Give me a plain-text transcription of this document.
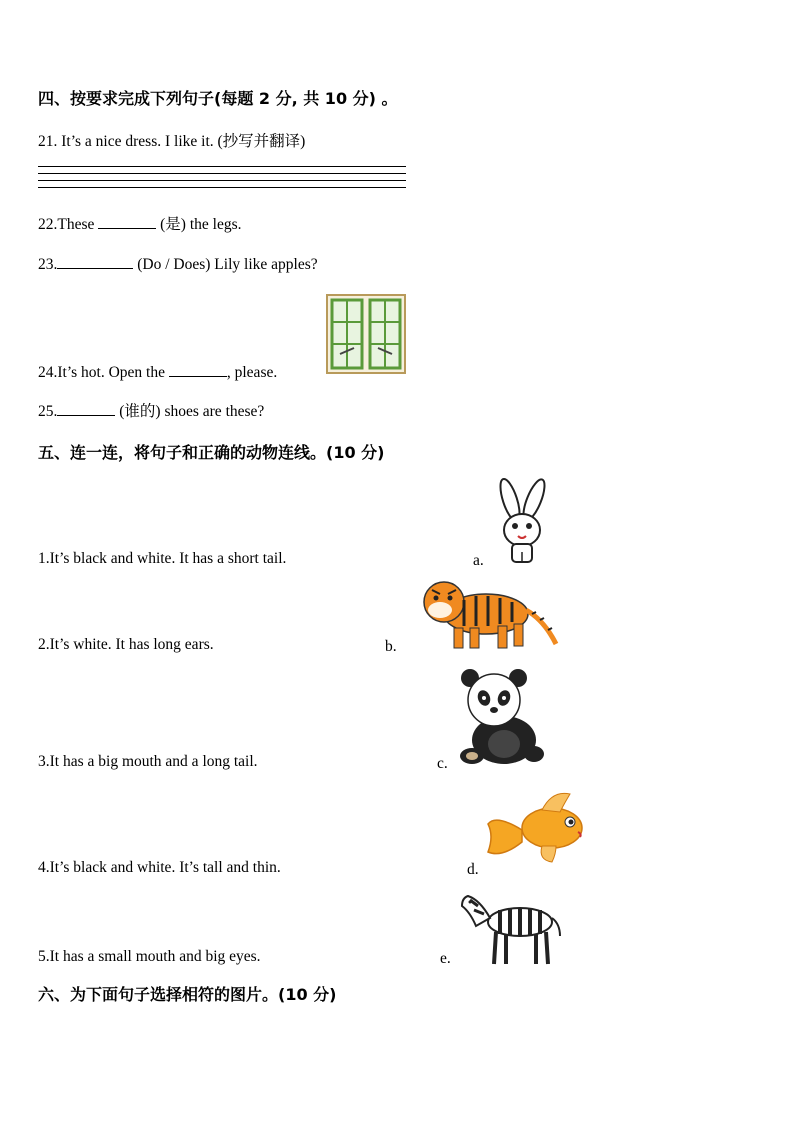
四、按要求完成下列句子(每题 2 分, 共 10 分) 。
21. It’s a nice dress. I like it. (抄写并翻译)
22.These	(是) the legs.
23.	(Do / Does) Lily like apples?
24.It’s hot. Open the	, please.
25.	(谁的) shoes are these?
五、连一连，将句子和正确的动物连线。(10 分)
1.It’s black and white. It has a short tail.	a.
2.It’s white. It has long ears.	b.
3.It has a big mouth and a long tail.	c.
4.It’s black and white. It’s tall and thin.	d.
5.It has a small mouth and big eyes.	e.
六、为下面句子选择相符的图片。(10 分)
